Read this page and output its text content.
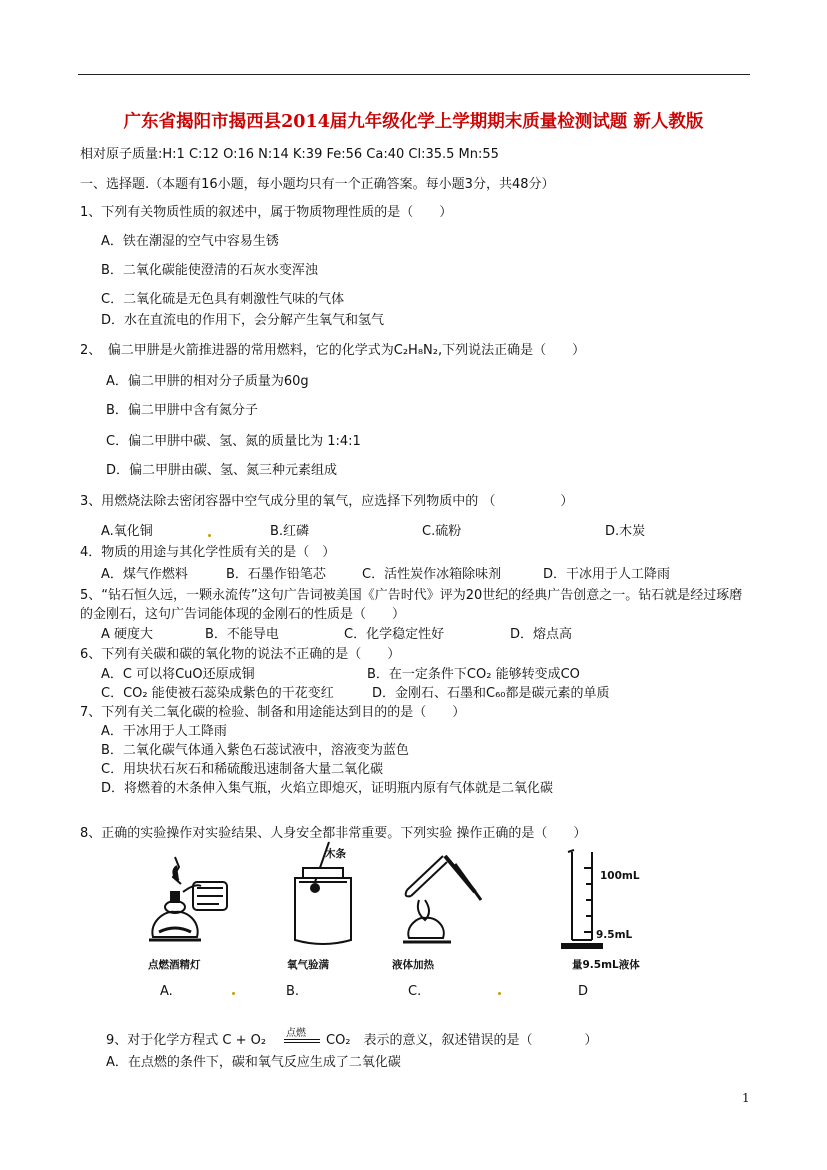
广东省揭阳市揭西县2014届九年级化学上学期期末质量检测试题 新人教版
相对原子质量:H:1 C:12 O:16 N:14 K:39 Fe:56 Ca:40 Cl:35.5 Mn:55
一、选择题.（本题有16小题，每小题均只有一个正确答案。每小题3分，共48分）
1、下列有关物质性质的叙述中，属于物质物理性质的是（　　）
A．铁在潮湿的空气中容易生锈
B．二氧化碳能使澄清的石灰水变浑浊
C．二氧化硫是无色具有刺激性气味的气体
D．水在直流电的作用下，会分解产生氧气和氢气
2、　偏二甲肼是火箭推进器的常用燃料，它的化学式为C₂H₈N₂,下列说法正确是（　　）
A．偏二甲肼的相对分子质量为60g
B．偏二甲肼中含有氮分子
C．偏二甲肼中碳、氢、氮的质量比为 1:4:1
D．偏二甲肼由碳、氢、氮三种元素组成
3、用燃烧法除去密闭容器中空气成分里的氧气，应选择下列物质中的 （　　　　　）
A.氧化铜	B.红磷	C.硫粉	D.木炭
4．物质的用途与其化学性质有关的是（　）
A．煤气作燃料	B．石墨作铅笔芯	C．活性炭作冰箱除味剂	D．干冰用于人工降雨
5、“钻石恒久远，一颗永流传”这句广告词被美国《广告时代》评为20世纪的经典广告创意之一。钻石就是经过琢磨的金刚石，这句广告词能体现的金刚石的性质是（　　）
A 硬度大	B．不能导电	C．化学稳定性好	D．熔点高
6、下列有关碳和碳的氧化物的说法不正确的是（　　）
A．C 可以将CuO还原成铜	B．在一定条件下CO₂ 能够转变成CO
C．CO₂ 能使被石蕊染成紫色的干花变红	D．金刚石、石墨和C₆₀都是碳元素的单质
7、下列有关二氧化碳的检验、制备和用途能达到目的的是（　　）
A．干冰用于人工降雨
B．二氧化碳气体通入紫色石蕊试液中，溶液变为蓝色
C．用块状石灰石和稀硫酸迅速制备大量二氧化碳
D．将燃着的木条伸入集气瓶，火焰立即熄灭，证明瓶内原有气体就是二氧化碳
8、正确的实验操作对实验结果、人身安全都非常重要。下列实验 操作正确的是（　　）
点燃酒精灯
A.
木条
氧气验满
B.
液体加热
C.
100mL
9.5mL
量9.5mL液体
D
9、对于化学方程式 C + O₂ 点燃 CO₂　表示的意义，叙述错误的是（　　　　）
A．在点燃的条件下，碳和氧气反应生成了二氧化碳
1
